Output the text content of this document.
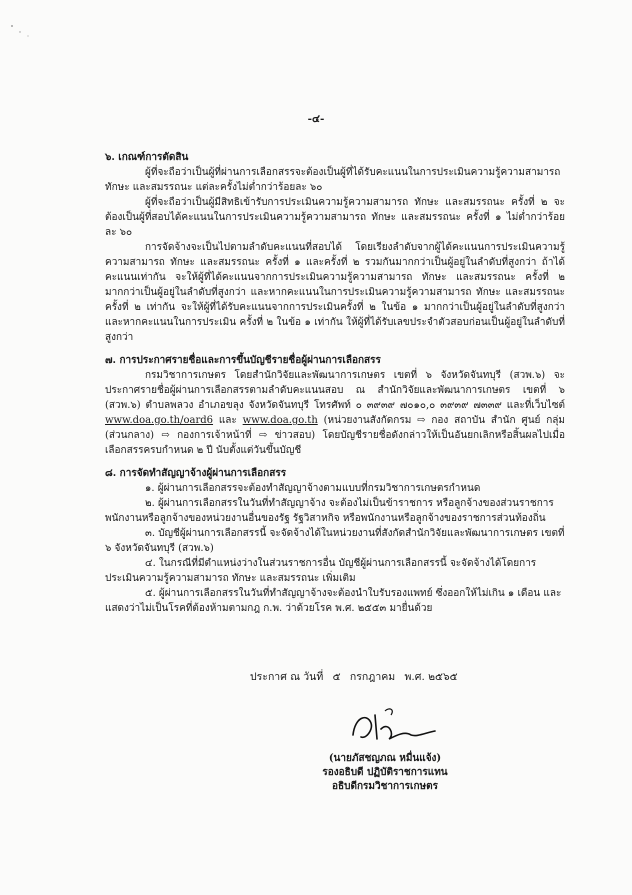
-๔-

๖. เกณฑ์การตัดสิน

ผู้ที่จะถือว่าเป็นผู้ที่ผ่านการเลือกสรรจะต้องเป็นผู้ที่ได้รับคะแนนในการประเมินความรู้ความสามารถ ทักษะ และสมรรถนะ แต่ละครั้งไม่ต่ำกว่าร้อยละ ๖๐

ผู้ที่จะถือว่าเป็นผู้มีสิทธิเข้ารับการประเมินความรู้ความสามารถ ทักษะ และสมรรถนะ ครั้งที่ ๒ จะต้องเป็นผู้ที่สอบได้คะแนนในการประเมินความรู้ความสามารถ ทักษะ และสมรรถนะ ครั้งที่ ๑ ไม่ต่ำกว่าร้อยละ ๖๐

การจัดจ้างจะเป็นไปตามลำดับคะแนนที่สอบได้ โดยเรียงลำดับจากผู้ได้คะแนนการประเมินความรู้ความสามารถ ทักษะ และสมรรถนะ ครั้งที่ ๑ และครั้งที่ ๒ รวมกันมากกว่าเป็นผู้อยู่ในลำดับที่สูงกว่า ถ้าได้คะแนนเท่ากัน จะให้ผู้ที่ได้คะแนนจากการประเมินความรู้ความสามารถ ทักษะ และสมรรถนะ ครั้งที่ ๒ มากกว่าเป็นผู้อยู่ในลำดับที่สูงกว่า และหากคะแนนในการประเมินความรู้ความสามารถ ทักษะ และสมรรถนะ ครั้งที่ ๒ เท่ากัน จะให้ผู้ที่ได้รับคะแนนจากการประเมินครั้งที่ ๒ ในข้อ ๑ มากกว่าเป็นผู้อยู่ในลำดับที่สูงกว่า และหากคะแนนในการประเมิน ครั้งที่ ๒ ในข้อ ๑ เท่ากัน ให้ผู้ที่ได้รับเลขประจำตัวสอบก่อนเป็นผู้อยู่ในลำดับที่สูงกว่า

๗. การประกาศรายชื่อและการขึ้นบัญชีรายชื่อผู้ผ่านการเลือกสรร

กรมวิชาการเกษตร โดยสำนักวิจัยและพัฒนาการเกษตร เขตที่ ๖ จังหวัดจันทบุรี (สวพ.๖) จะประกาศรายชื่อผู้ผ่านการเลือกสรรตามลำดับคะแนนสอบ ณ สำนักวิจัยและพัฒนาการเกษตร เขตที่ ๖ (สวพ.๖) ตำบลพลวง อำเภอขลุง จังหวัดจันทบุรี โทรศัพท์ ๐ ๓๙๓๙ ๗๐๑๐,๐ ๓๙๓๙ ๗๓๓๙ และที่เว็บไซต์ www.doa.go.th/oard6 และ www.doa.go.th (หน่วยงานสังกัดกรม ⇨ กอง สถาบัน สำนัก ศูนย์ กลุ่ม (ส่วนกลาง) ⇨ กองการเจ้าหน้าที่ ⇨ ข่าวสอบ) โดยบัญชีรายชื่อดังกล่าวให้เป็นอันยกเลิกหรือสิ้นผลไปเมื่อเลือกสรรครบกำหนด ๒ ปี นับตั้งแต่วันขึ้นบัญชี

๘. การจัดทำสัญญาจ้างผู้ผ่านการเลือกสรร

๑. ผู้ผ่านการเลือกสรรจะต้องทำสัญญาจ้างตามแบบที่กรมวิชาการเกษตรกำหนด

๒. ผู้ผ่านการเลือกสรรในวันที่ทำสัญญาจ้าง จะต้องไม่เป็นข้าราชการ หรือลูกจ้างของส่วนราชการ พนักงานหรือลูกจ้างของหน่วยงานอื่นของรัฐ รัฐวิสาหกิจ หรือพนักงานหรือลูกจ้างของราชการส่วนท้องถิ่น

๓. บัญชีผู้ผ่านการเลือกสรรนี้ จะจัดจ้างได้ในหน่วยงานที่สังกัดสำนักวิจัยและพัฒนาการเกษตร เขตที่ ๖ จังหวัดจันทบุรี (สวพ.๖)

๔. ในกรณีที่มีตำแหน่งว่างในส่วนราชการอื่น บัญชีผู้ผ่านการเลือกสรรนี้ จะจัดจ้างได้โดยการประเมินความรู้ความสามารถ ทักษะ และสมรรถนะ เพิ่มเติม

๕. ผู้ผ่านการเลือกสรรในวันที่ทำสัญญาจ้างจะต้องนำใบรับรองแพทย์ ซึ่งออกให้ไม่เกิน ๑ เดือน และแสดงว่าไม่เป็นโรคที่ต้องห้ามตามกฎ ก.พ. ว่าด้วยโรค พ.ศ. ๒๕๕๓ มายื่นด้วย

ประกาศ ณ วันที่ ๕ กรกฎาคม พ.ศ. ๒๕๖๕
(นายภัสชญภณ หมื่นแจ้ง)
รองอธิบดี ปฏิบัติราชการแทน
อธิบดีกรมวิชาการเกษตร
